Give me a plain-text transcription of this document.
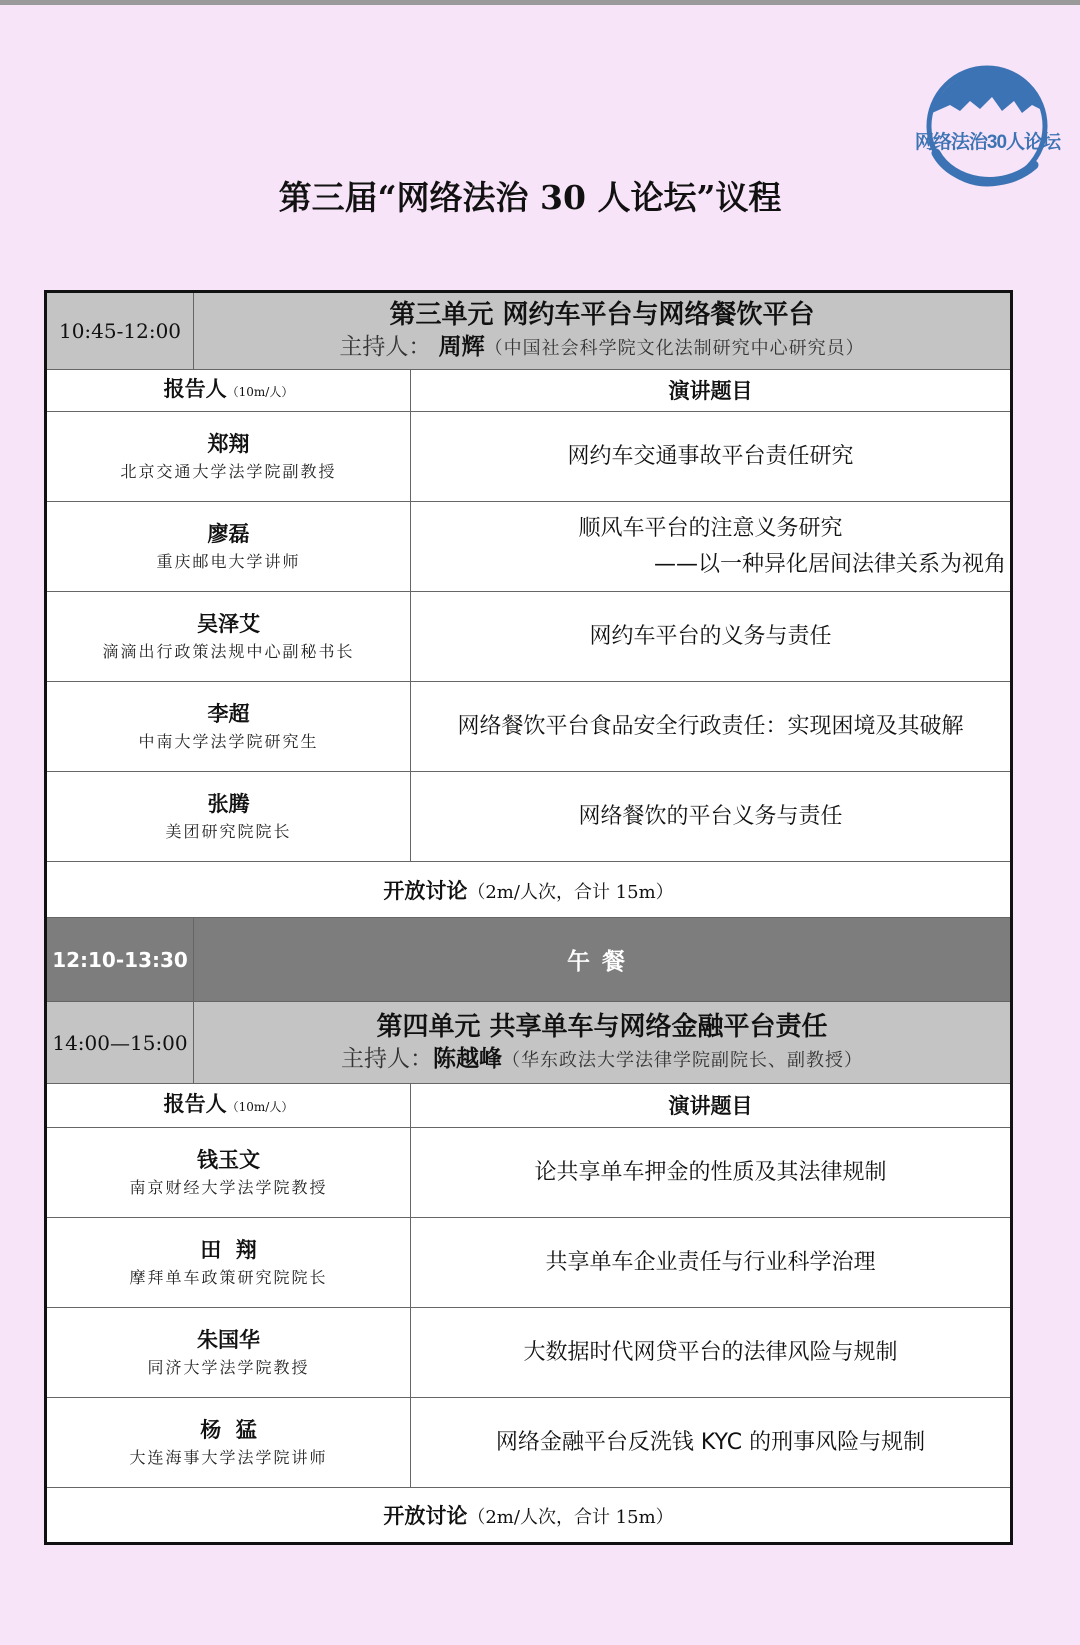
网络法治30人论坛
第三届“网络法治 30 人论坛”议程
10:45-12:00	第三单元 网约车平台与网络餐饮平台
主持人： 周辉（中国社会科学院文化法制研究中心研究员）	

报告人（10m/人）		演讲题目

郑翔
北京交通大学法学院副教授		网约车交通事故平台责任研究

廖磊
重庆邮电大学讲师		顺风车平台的注意义务研究
——以一种异化居间法律关系为视角

吴泽艾
滴滴出行政策法规中心副秘书长		网约车平台的义务与责任

李超
中南大学法学院研究生		网络餐饮平台食品安全行政责任：实现困境及其破解

张腾
美团研究院院长		网络餐饮的平台义务与责任
开放讨论（2m/人次，合计 15m）		
12:10-13:30	午餐	
14:00—15:00	第四单元 共享单车与网络金融平台责任
主持人：陈越峰（华东政法大学法律学院副院长、副教授）	

报告人（10m/人）		演讲题目

钱玉文
南京财经大学法学院教授		论共享单车押金的性质及其法律规制

田  翔
摩拜单车政策研究院院长		共享单车企业责任与行业科学治理

朱国华
同济大学法学院教授		大数据时代网贷平台的法律风险与规制

杨  猛
大连海事大学法学院讲师		网络金融平台反洗钱 KYC 的刑事风险与规制
开放讨论（2m/人次，合计 15m）		
